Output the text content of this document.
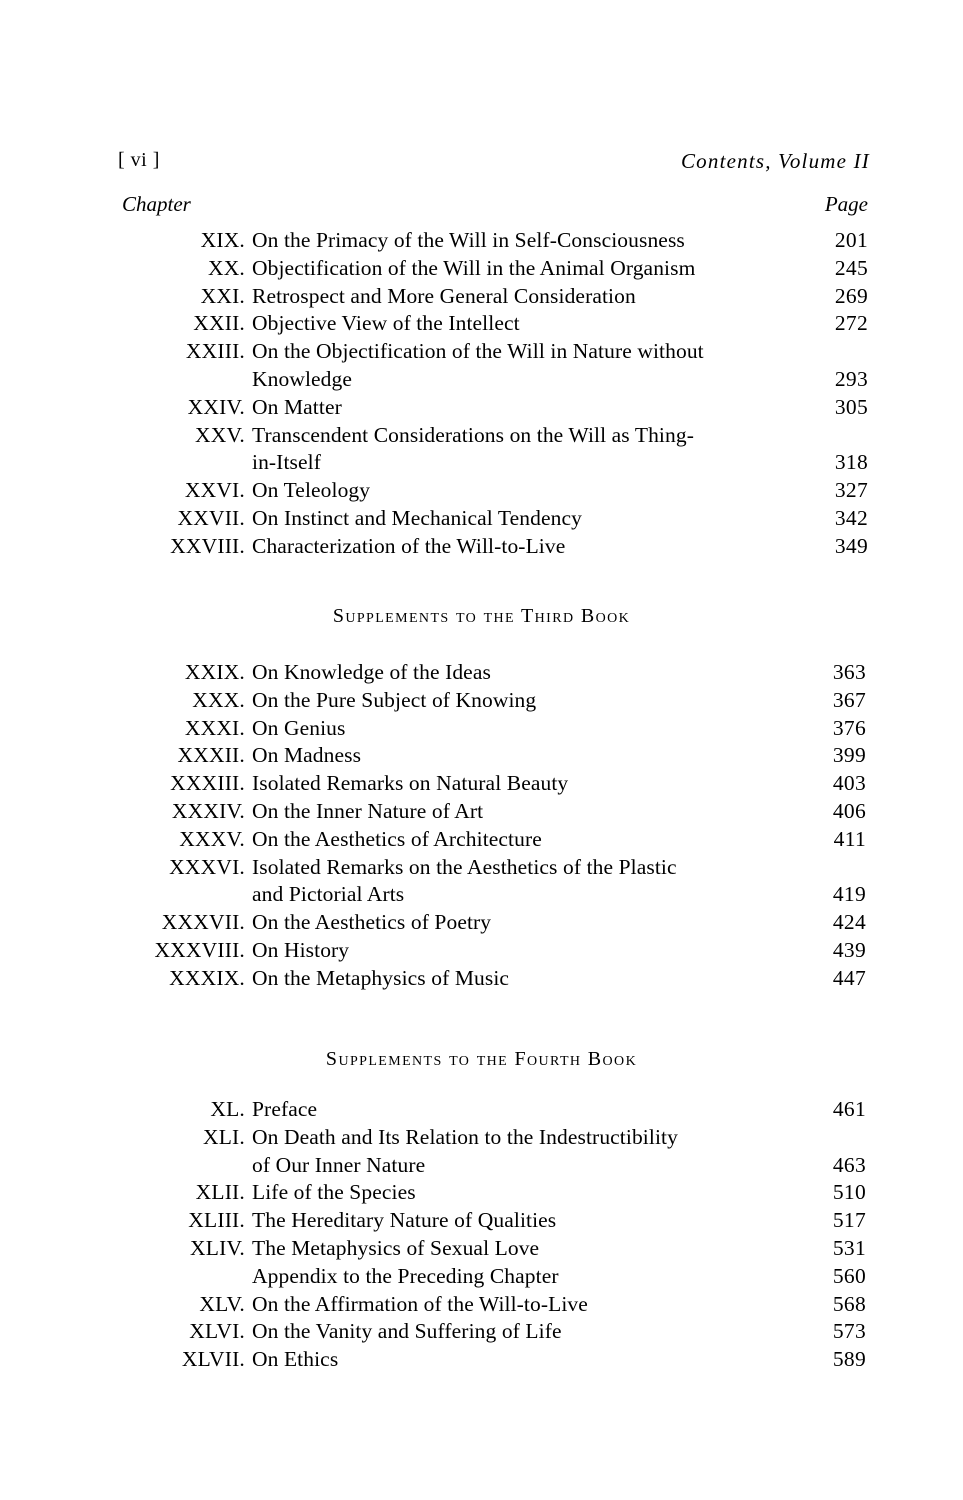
[ vi ]	Contents, Volume II
Chapter	Page
XIX. On the Primacy of the Will in Self-Consciousness	201
XX. Objectification of the Will in the Animal Organism	245
XXI. Retrospect and More General Consideration	269
XXII. Objective View of the Intellect	272
XXIII. On the Objectification of the Will in Nature without
Knowledge	293
XXIV. On Matter	305
XXV. Transcendent Considerations on the Will as Thing-
in-Itself	318
XXVI. On Teleology	327
XXVII. On Instinct and Mechanical Tendency	342
XXVIII. Characterization of the Will-to-Live	349
Supplements to the Third Book
XXIX. On Knowledge of the Ideas	363
XXX. On the Pure Subject of Knowing	367
XXXI. On Genius	376
XXXII. On Madness	399
XXXIII. Isolated Remarks on Natural Beauty	403
XXXIV. On the Inner Nature of Art	406
XXXV. On the Aesthetics of Architecture	411
XXXVI. Isolated Remarks on the Aesthetics of the Plastic
and Pictorial Arts	419
XXXVII. On the Aesthetics of Poetry	424
XXXVIII. On History	439
XXXIX. On the Metaphysics of Music	447
Supplements to the Fourth Book
XL. Preface	461
XLI. On Death and Its Relation to the Indestructibility
of Our Inner Nature	463
XLII. Life of the Species	510
XLIII. The Hereditary Nature of Qualities	517
XLIV. The Metaphysics of Sexual Love	531
Appendix to the Preceding Chapter	560
XLV. On the Affirmation of the Will-to-Live	568
XLVI. On the Vanity and Suffering of Life	573
XLVII. On Ethics	589
